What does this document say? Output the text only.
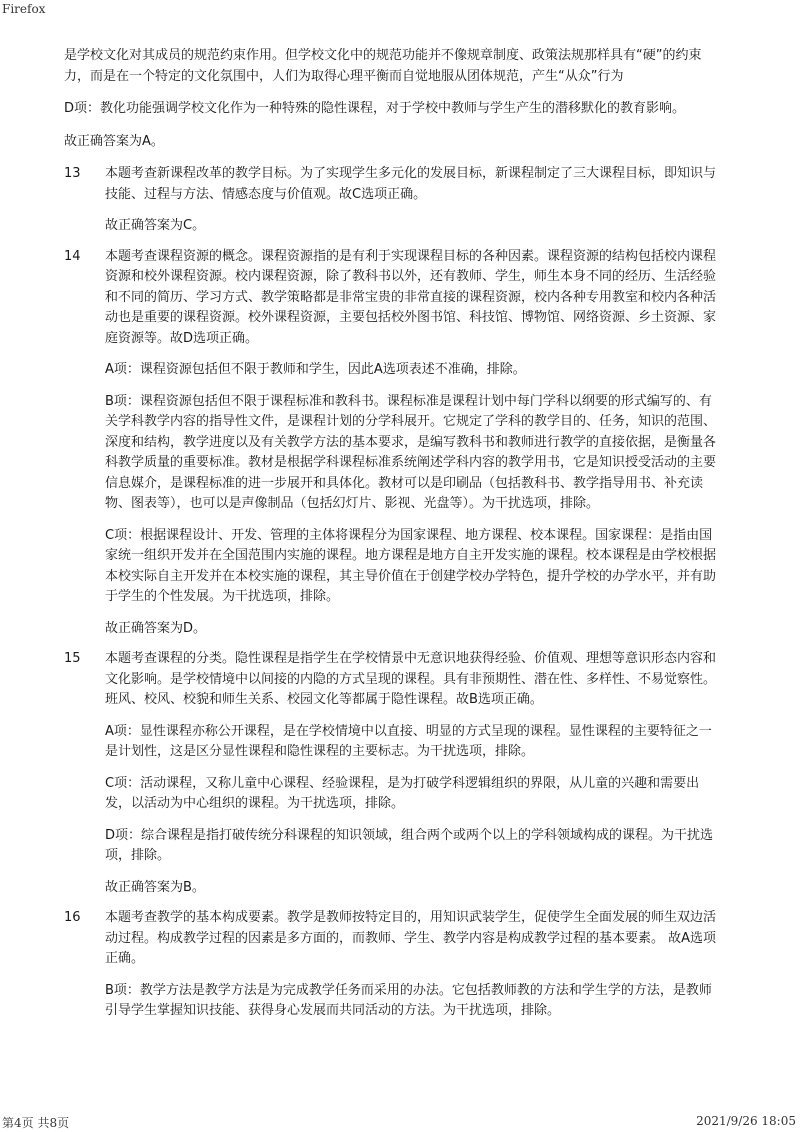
Firefox

是学校文化对其成员的规范约束作用。但学校文化中的规范功能并不像规章制度、政策法规那样具有“硬”的约束力，而是在一个特定的文化氛围中，人们为取得心理平衡而自觉地服从团体规范，产生“从众”行为

D项：教化功能强调学校文化作为一种特殊的隐性课程，对于学校中教师与学生产生的潜移默化的教育影响。

故正确答案为A。

13	本题考查新课程改革的教学目标。为了实现学生多元化的发展目标，新课程制定了三大课程目标，即知识与技能、过程与方法、情感态度与价值观。故C选项正确。

故正确答案为C。

14	本题考查课程资源的概念。课程资源指的是有利于实现课程目标的各种因素。课程资源的结构包括校内课程资源和校外课程资源。校内课程资源，除了教科书以外，还有教师、学生，师生本身不同的经历、生活经验和不同的简历、学习方式、教学策略都是非常宝贵的非常直接的课程资源，校内各种专用教室和校内各种活动也是重要的课程资源。校外课程资源，主要包括校外图书馆、科技馆、博物馆、网络资源、乡土资源、家庭资源等。故D选项正确。

A项：课程资源包括但不限于教师和学生，因此A选项表述不准确，排除。

B项：课程资源包括但不限于课程标准和教科书。课程标准是课程计划中每门学科以纲要的形式编写的、有关学科教学内容的指导性文件，是课程计划的分学科展开。它规定了学科的教学目的、任务，知识的范围、深度和结构，教学进度以及有关教学方法的基本要求，是编写教科书和教师进行教学的直接依据，是衡量各科教学质量的重要标准。教材是根据学科课程标准系统阐述学科内容的教学用书，它是知识授受活动的主要信息媒介，是课程标准的进一步展开和具体化。教材可以是印刷品（包括教科书、教学指导用书、补充读物、图表等），也可以是声像制品（包括幻灯片、影视、光盘等）。为干扰选项，排除。

C项：根据课程设计、开发、管理的主体将课程分为国家课程、地方课程、校本课程。国家课程：是指由国家统一组织开发并在全国范围内实施的课程。地方课程是地方自主开发实施的课程。校本课程是由学校根据本校实际自主开发并在本校实施的课程，其主导价值在于创建学校办学特色，提升学校的办学水平，并有助于学生的个性发展。为干扰选项，排除。

故正确答案为D。

15	本题考查课程的分类。隐性课程是指学生在学校情景中无意识地获得经验、价值观、理想等意识形态内容和文化影响。是学校情境中以间接的内隐的方式呈现的课程。具有非预期性、潜在性、多样性、不易觉察性。班风、校风、校貌和师生关系、校园文化等都属于隐性课程。故B选项正确。

A项：显性课程亦称公开课程，是在学校情境中以直接、明显的方式呈现的课程。显性课程的主要特征之一是计划性，这是区分显性课程和隐性课程的主要标志。为干扰选项，排除。

C项：活动课程，又称儿童中心课程、经验课程，是为打破学科逻辑组织的界限，从儿童的兴趣和需要出发，以活动为中心组织的课程。为干扰选项，排除。

D项：综合课程是指打破传统分科课程的知识领域，组合两个或两个以上的学科领域构成的课程。为干扰选项，排除。

故正确答案为B。

16	本题考查教学的基本构成要素。教学是教师按特定目的，用知识武装学生，促使学生全面发展的师生双边活动过程。构成教学过程的因素是多方面的，而教师、学生、教学内容是构成教学过程的基本要素。 故A选项正确。

B项：教学方法是教学方法是为完成教学任务而采用的办法。它包括教师教的方法和学生学的方法，是教师引导学生掌握知识技能、获得身心发展而共同活动的方法。为干扰选项，排除。

第4页 共8页	2021/9/26 18:05
